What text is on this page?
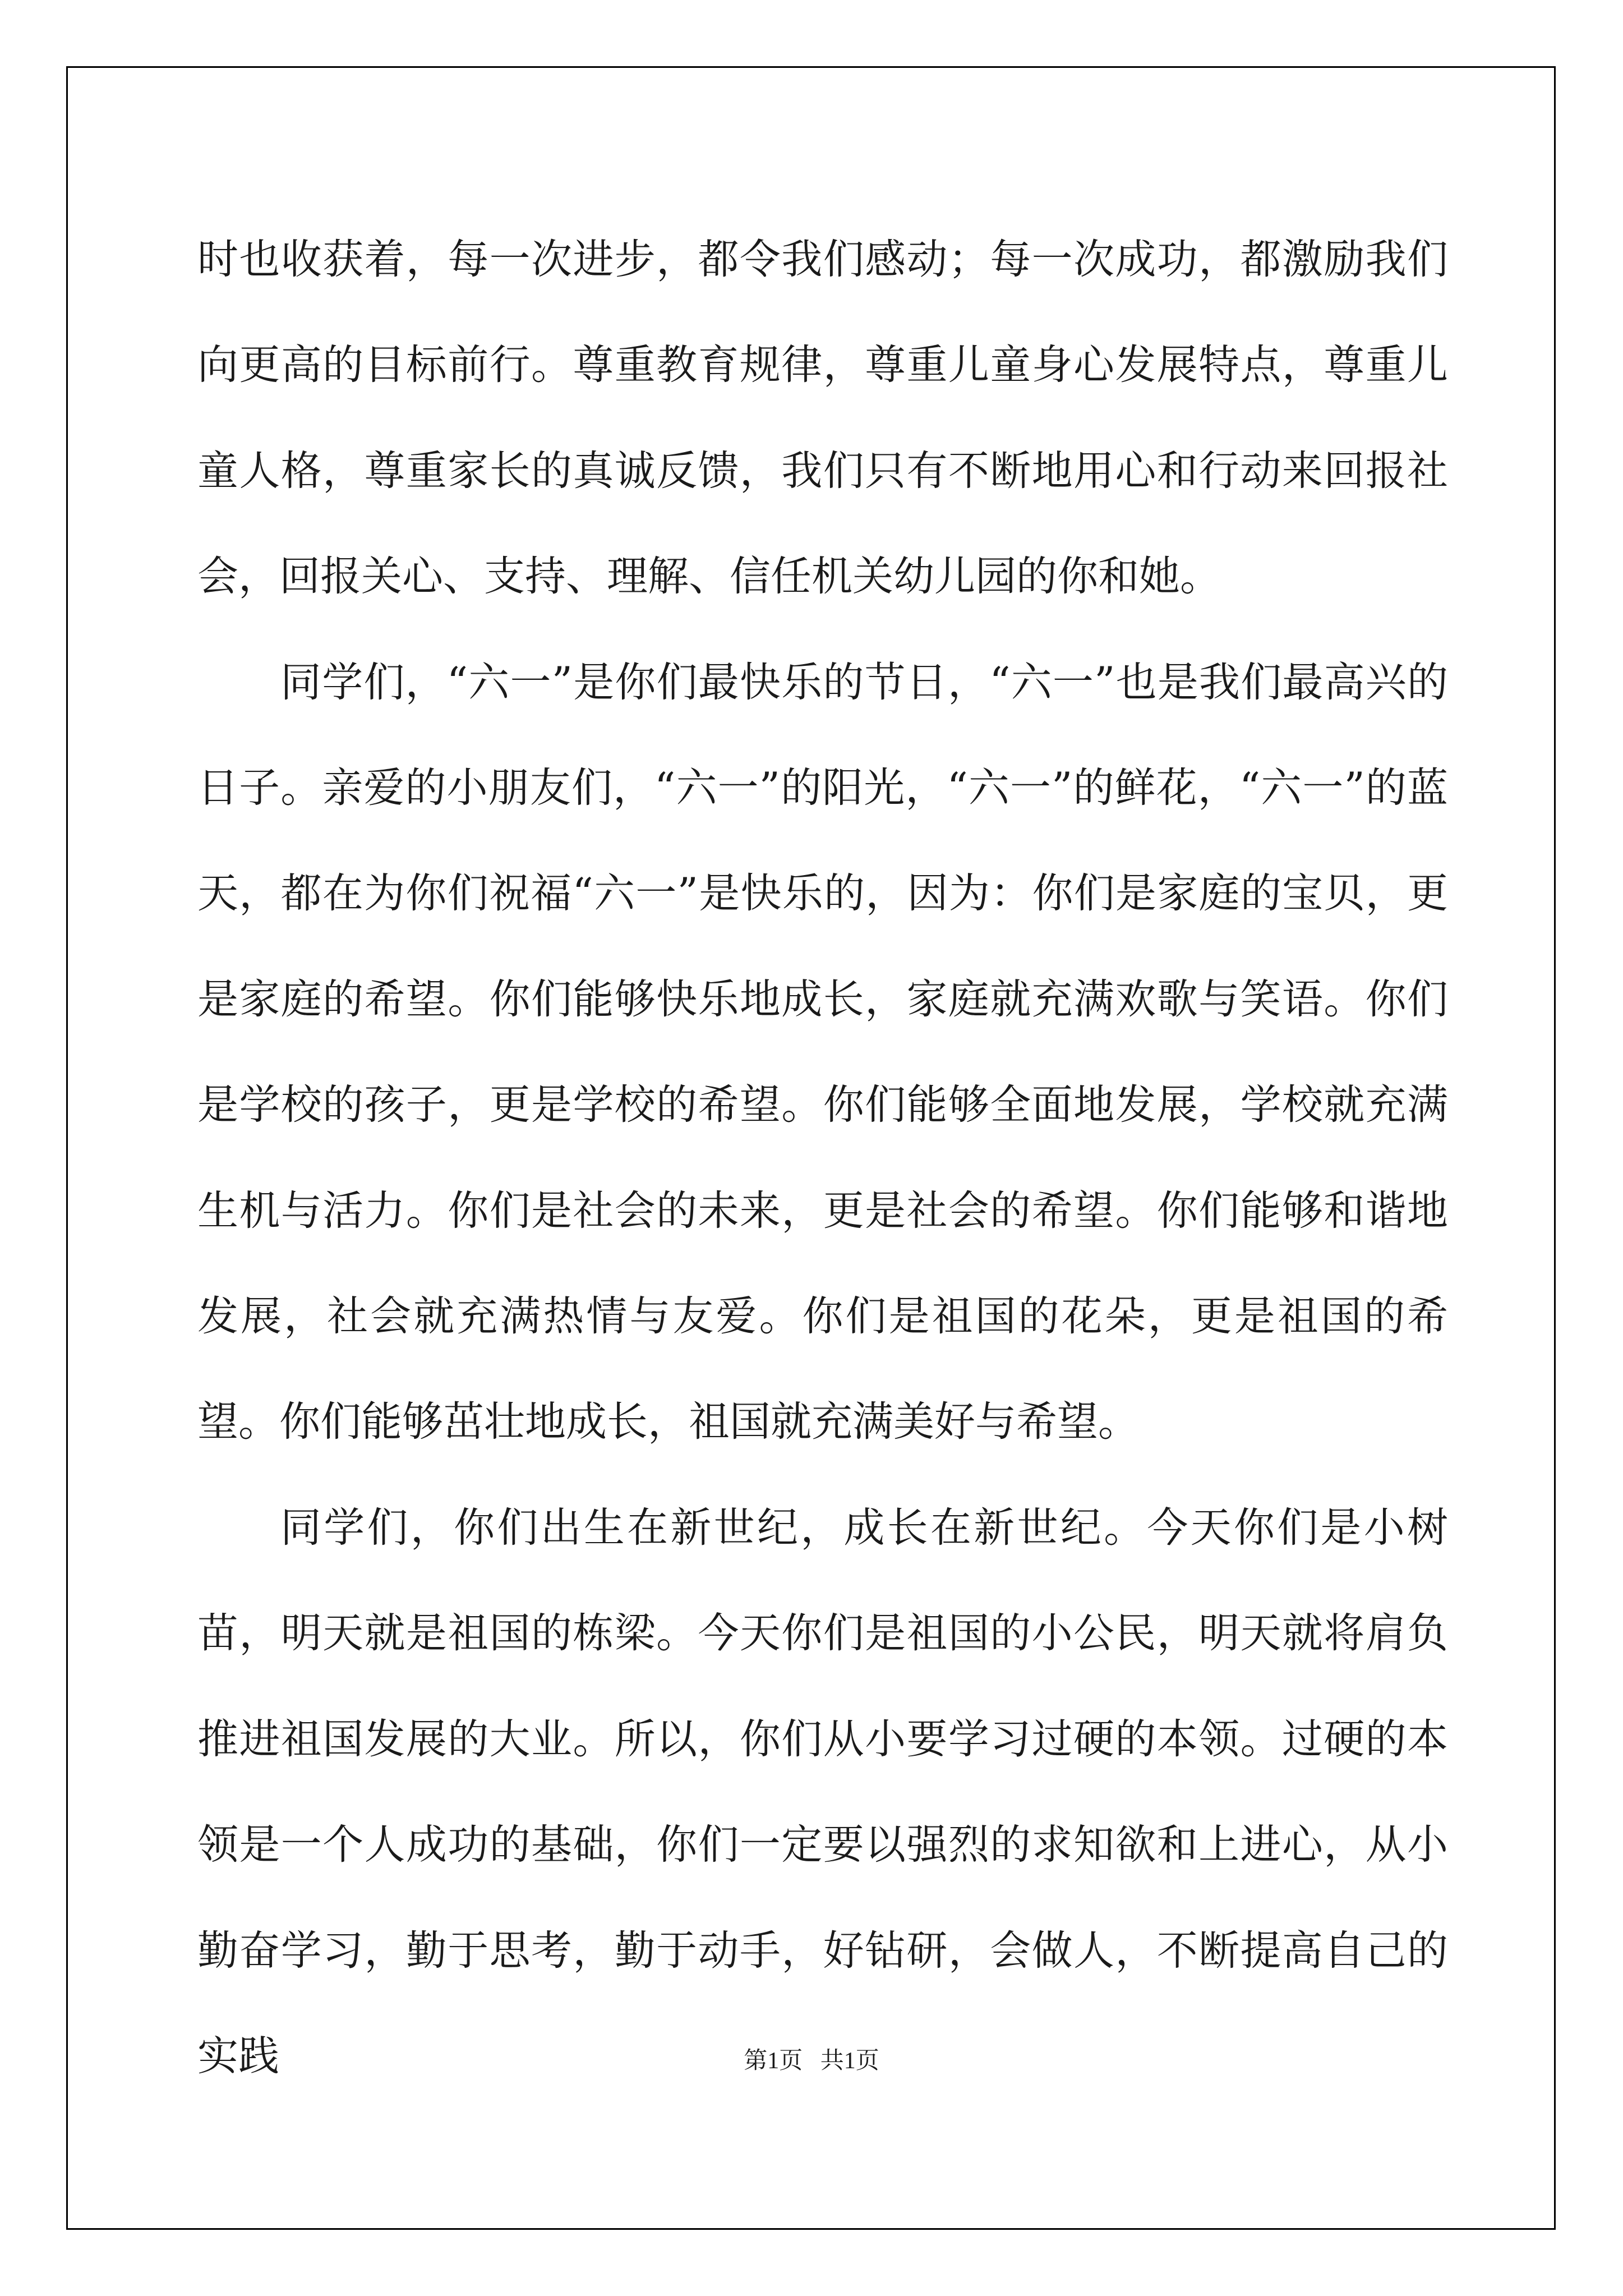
时也收获着，每一次进步，都令我们感动；每一次成功，都激励我们向更高的目标前行。尊重教育规律，尊重儿童身心发展特点，尊重儿童人格，尊重家长的真诚反馈，我们只有不断地用心和行动来回报社会，回报关心、支持、理解、信任机关幼儿园的你和她。

同学们，“六一”是你们最快乐的节日，“六一”也是我们最高兴的日子。亲爱的小朋友们，“六一”的阳光，“六一”的鲜花，“六一”的蓝天，都在为你们祝福“六一”是快乐的，因为：你们是家庭的宝贝，更是家庭的希望。你们能够快乐地成长，家庭就充满欢歌与笑语。你们是学校的孩子，更是学校的希望。你们能够全面地发展，学校就充满生机与活力。你们是社会的未来，更是社会的希望。你们能够和谐地发展，社会就充满热情与友爱。你们是祖国的花朵，更是祖国的希望。你们能够茁壮地成长，祖国就充满美好与希望。

同学们，你们出生在新世纪，成长在新世纪。今天你们是小树苗，明天就是祖国的栋梁。今天你们是祖国的小公民，明天就将肩负推进祖国发展的大业。所以，你们从小要学习过硬的本领。过硬的本领是一个人成功的基础，你们一定要以强烈的求知欲和上进心，从小勤奋学习，勤于思考，勤于动手，好钻研，会做人，不断提高自己的实践	第1页   共1页
